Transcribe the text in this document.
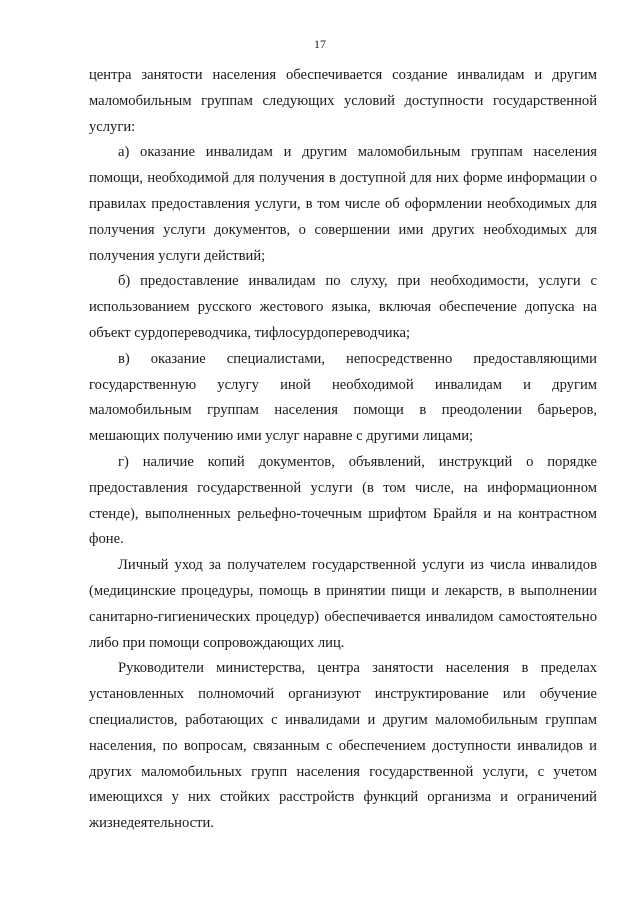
17

центра занятости населения обеспечивается создание инвалидам и другим маломобильным группам следующих условий доступности государственной услуги:

а) оказание инвалидам и другим маломобильным группам населения помощи, необходимой для получения в доступной для них форме информации о правилах предоставления услуги, в том числе об оформлении необходимых для получения услуги документов, о совершении ими других необходимых для получения услуги действий;

б) предоставление инвалидам по слуху, при необходимости, услуги с использованием русского жестового языка, включая обеспечение допуска на объект сурдопереводчика, тифлосурдопереводчика;

в) оказание специалистами, непосредственно предоставляющими государственную услугу иной необходимой инвалидам и другим маломобильным группам населения помощи в преодолении барьеров, мешающих получению ими услуг наравне с другими лицами;

г) наличие копий документов, объявлений, инструкций о порядке предоставления государственной услуги (в том числе, на информационном стенде), выполненных рельефно-точечным шрифтом Брайля и на контрастном фоне.

Личный уход за получателем государственной услуги из числа инвалидов (медицинские процедуры, помощь в принятии пищи и лекарств, в выполнении санитарно-гигиенических процедур) обеспечивается инвалидом самостоятельно либо при помощи сопровождающих лиц.

Руководители министерства, центра занятости населения в пределах установленных полномочий организуют инструктирование или обучение специалистов, работающих с инвалидами и другим маломобильным группам населения, по вопросам, связанным с обеспечением доступности инвалидов и других маломобильных групп населения государственной услуги, с учетом имеющихся у них стойких расстройств функций организма и ограничений жизнедеятельности.
